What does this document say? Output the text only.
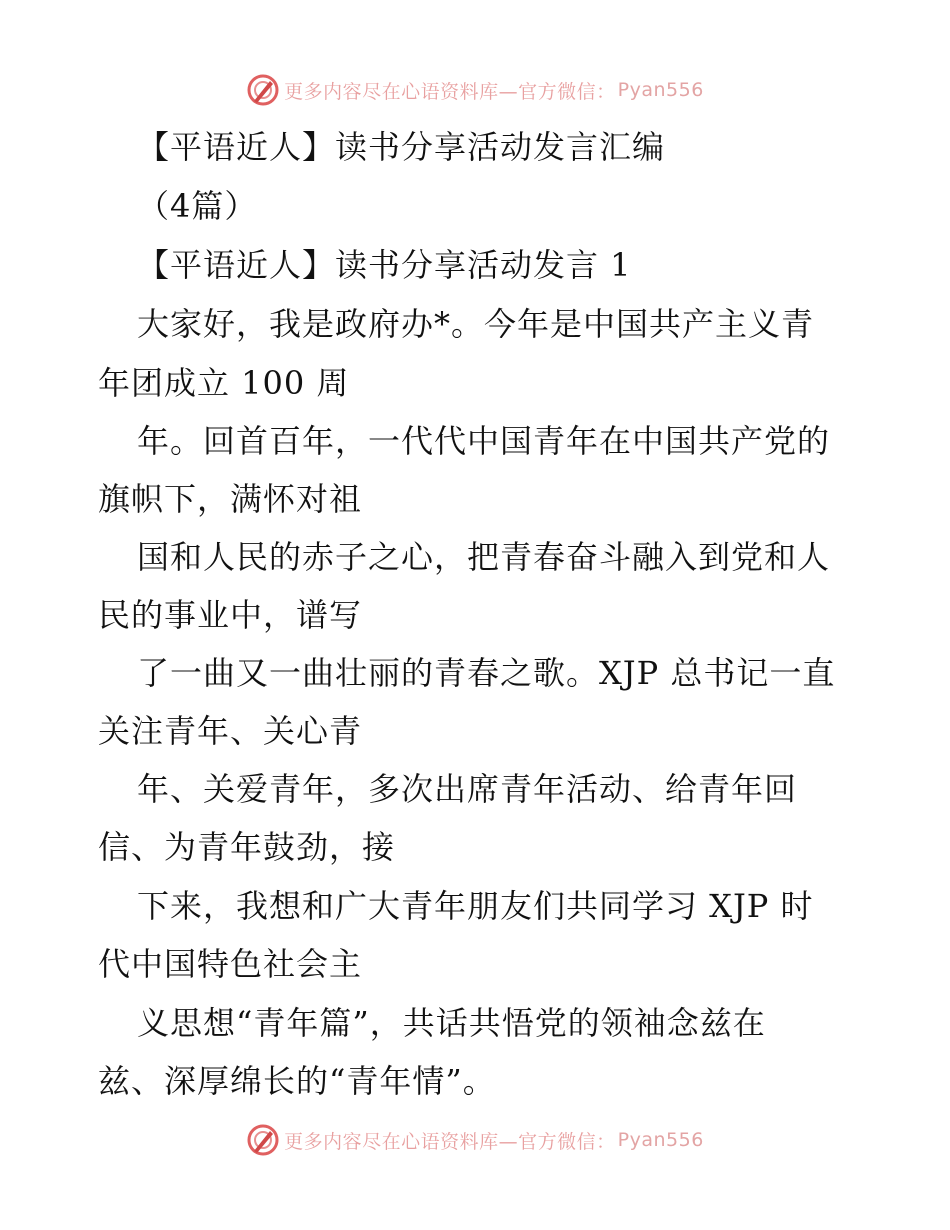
更多内容尽在心语资料库—官方微信： Pyan556
【平语近人】读书分享活动发言汇编
（4篇）
【平语近人】读书分享活动发言 1
大家好，我是政府办*。今年是中国共产主义青
年团成立 100 周
年。回首百年，一代代中国青年在中国共产党的
旗帜下，满怀对祖
国和人民的赤子之心，把青春奋斗融入到党和人
民的事业中，谱写
了一曲又一曲壮丽的青春之歌。XJP 总书记一直
关注青年、关心青
年、关爱青年，多次出席青年活动、给青年回
信、为青年鼓劲，接
下来，我想和广大青年朋友们共同学习 XJP 时
代中国特色社会主
义思想“青年篇”，共话共悟党的领袖念兹在
兹、深厚绵长的“青年情”。
更多内容尽在心语资料库—官方微信： Pyan556
